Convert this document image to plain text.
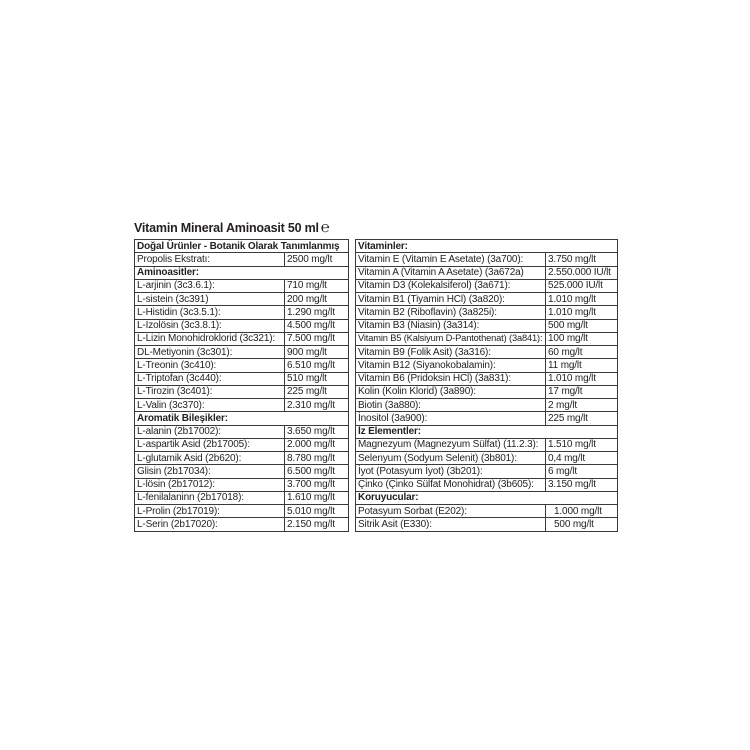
Vitamin Mineral Aminoasit 50 ml ℮
Doğal Ürünler - Botanik Olarak Tanımlanmış	
Propolis Ekstratı:	2500 mg/lt
Aminoasitler:	
L-arjinin (3c3.6.1):	710 mg/lt
L-sistein (3c391)	200 mg/lt
L-Histidin (3c3.5.1):	1.290 mg/lt
L-İzolösin (3c3.8.1):	4.500 mg/lt
L-Lizin Monohidroklorid (3c321):	7.500 mg/lt
DL-Metiyonin (3c301):	900 mg/lt
L-Treonin (3c410):	6.510 mg/lt
L-Triptofan (3c440):	510 mg/lt
L-Tirozin (3c401):	225 mg/lt
L-Valin (3c370):	2.310 mg/lt
Aromatik Bileşikler:	
L-alanin (2b17002):	3.650 mg/lt
L-aspartik Asid (2b17005):	2.000 mg/lt
L-glutamik Asid (2b620):	8.780 mg/lt
Glisin (2b17034):	6.500 mg/lt
L-lösin (2b17012):	3.700 mg/lt
L-fenilalaninn (2b17018):	1.610 mg/lt
L-Prolin (2b17019):	5.010 mg/lt
L-Serin (2b17020):	2.150 mg/lt
Vitaminler:	
Vitamin E (Vitamin E Asetate) (3a700):	3.750 mg/lt
Vitamin A (Vitamin A Asetate) (3a672a)	2.550.000 IU/lt
Vitamin D3 (Kolekalsiferol) (3a671):	525.000 IU/lt
Vitamin B1 (Tiyamin HCl) (3a820):	1.010 mg/lt
Vitamin B2 (Riboflavin) (3a825i):	1.010 mg/lt
Vitamin B3 (Niasin) (3a314):	500 mg/lt
Vitamin B5 (Kalsiyum D-Pantothenat) (3a841):	100 mg/lt
Vitamin B9 (Folik Asit) (3a316):	60 mg/lt
Vitamin B12 (Siyanokobalamin):	11 mg/lt
Vitamin B6 (Pridoksin HCl) (3a831):	1.010 mg/lt
Kolin (Kolin Klorid) (3a890):	17 mg/lt
Biotin (3a880):	2 mg/lt
İnositol (3a900):	225 mg/lt
İz Elementler:	
Magnezyum (Magnezyum Sülfat) (11.2.3):	1.510 mg/lt
Selenyum (Sodyum Selenit) (3b801):	0,4 mg/lt
İyot (Potasyum İyot) (3b201):	6 mg/lt
Çinko (Çinko Sülfat Monohidrat) (3b605):	3.150 mg/lt
Koruyucular:	
Potasyum Sorbat (E202):	1.000 mg/lt
Sitrik Asit (E330):	500 mg/lt
